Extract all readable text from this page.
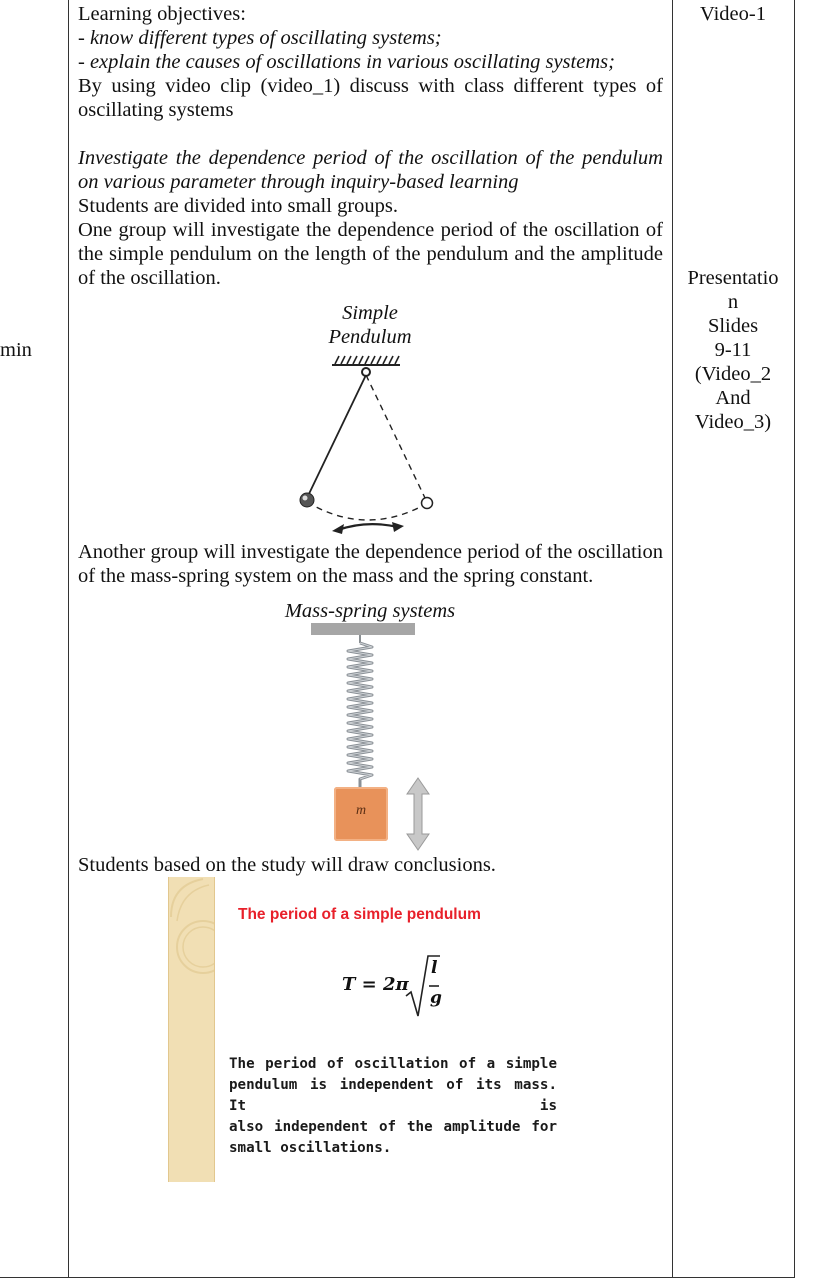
min
Learning objectives:
- know different types of oscillating systems;
- explain the causes of oscillations in various oscillating systems;
By using video clip (video_1) discuss with class different types of
oscillating systems
Investigate the dependence period of the oscillation of the pendulum
on various parameter through inquiry-based learning
Students are divided into small groups.
One group will investigate the dependence period of the oscillation of
the simple pendulum on the length of the pendulum and the amplitude
of the oscillation.
Simple
Pendulum
Another group will investigate the dependence period of the oscillation
of the mass-spring system on the mass and the spring constant.
Mass-spring systems
m
Students based on the study will draw conclusions.
The period of a simple pendulum
T = 2π
l
g
The period of oscillation of a simple
pendulum is independent of its mass. It is
also independent of the amplitude for
small oscillations.
Video-1
Presentatio
n
Slides
9-11
(Video_2
And
Video_3)
